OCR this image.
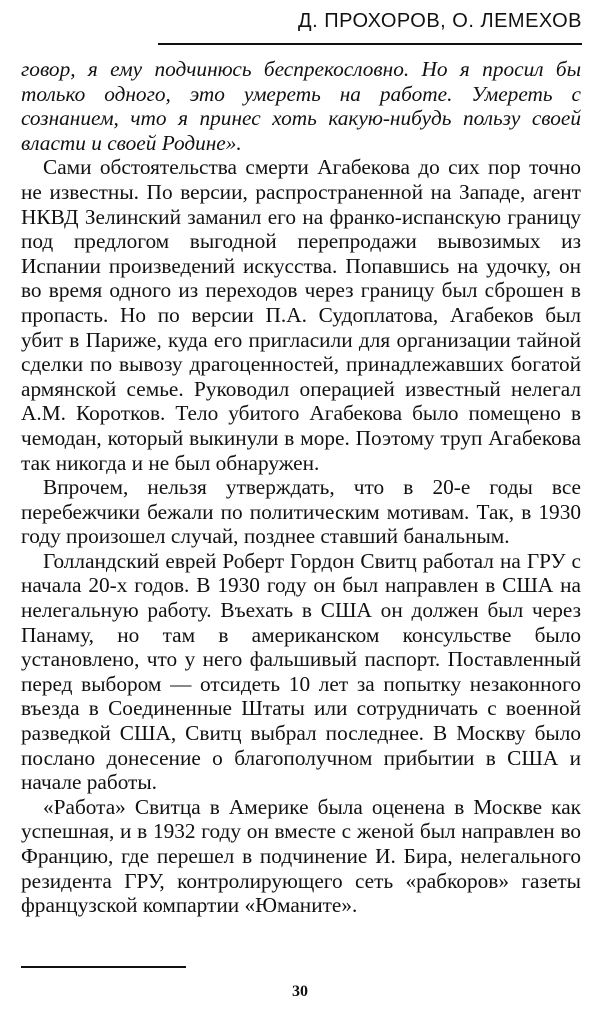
Д. ПРОХОРОВ, О. ЛЕМЕХОВ

говор, я ему подчинюсь беспрекословно. Но я просил бы только одного, это умереть на работе. Умереть с сознанием, что я принес хоть какую-нибудь пользу своей власти и своей Родине».

Сами обстоятельства смерти Агабекова до сих пор точно не известны. По версии, распространенной на Западе, агент НКВД Зелинский заманил его на франко-испанскую границу под предлогом выгодной перепродажи вывозимых из Испании произведений искусства. Попавшись на удочку, он во время одного из переходов через границу был сброшен в пропасть. Но по версии П.А. Судоплатова, Агабеков был убит в Париже, куда его пригласили для организации тайной сделки по вывозу драгоценностей, принадлежавших богатой армянской семье. Руководил операцией известный нелегал А.М. Коротков. Тело убитого Агабекова было помещено в чемодан, который выкинули в море. Поэтому труп Агабекова так никогда и не был обнаружен.

Впрочем, нельзя утверждать, что в 20-е годы все перебежчики бежали по политическим мотивам. Так, в 1930 году произошел случай, позднее ставший банальным.

Голландский еврей Роберт Гордон Свитц работал на ГРУ с начала 20-х годов. В 1930 году он был направлен в США на нелегальную работу. Въехать в США он должен был через Панаму, но там в американском консульстве было установлено, что у него фальшивый паспорт. Поставленный перед выбором — отсидеть 10 лет за попытку незаконного въезда в Соединенные Штаты или сотрудничать с военной разведкой США, Свитц выбрал последнее. В Москву было послано донесение о благополучном прибытии в США и начале работы.

«Работа» Свитца в Америке была оценена в Москве как успешная, и в 1932 году он вместе с женой был направлен во Францию, где перешел в подчинение И. Бира, нелегального резидента ГРУ, контролирующего сеть «рабкоров» газеты французской компартии «Юманите».

30
